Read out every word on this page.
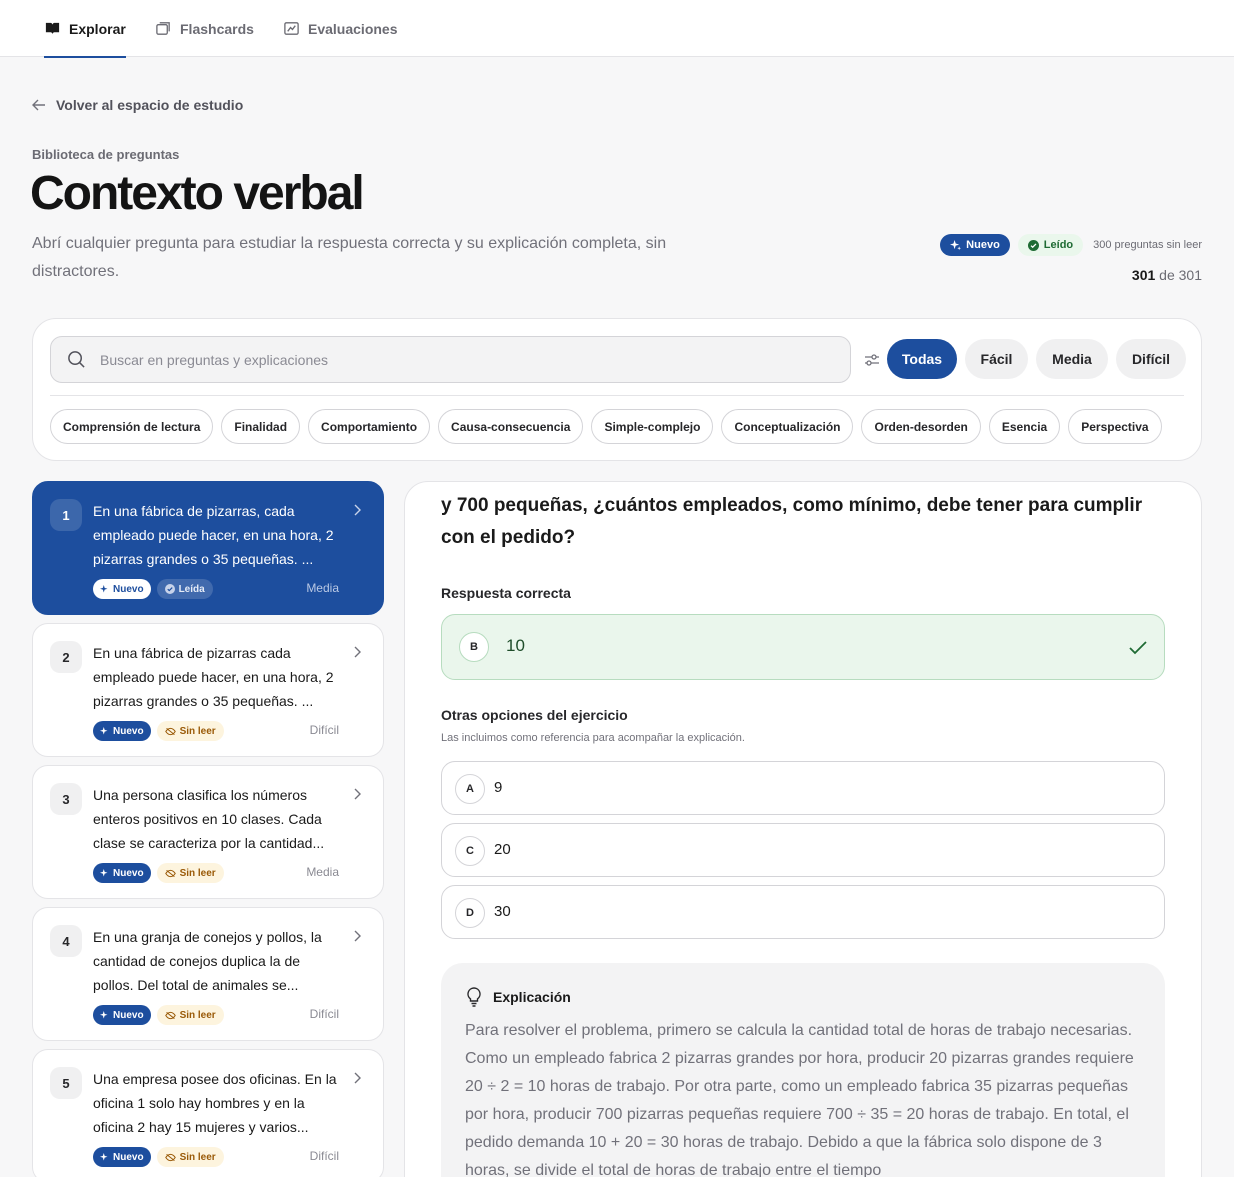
Explorar	Flashcards	Evaluaciones
Volver al espacio de estudio
Biblioteca de preguntas
Contexto verbal
Abrí cualquier pregunta para estudiar la respuesta correcta y su explicación completa, sin distractores.
Nuevo	Leído 300 preguntas sin leer
301 de 301
Buscar en preguntas y explicaciones
Todas	Fácil	Media	Difícil
Comprensión de lectura	Finalidad	Comportamiento	Causa-consecuencia	Simple-complejo	Conceptualización	Orden-desorden	Esencia	Perspectiva
1	En una fábrica de pizarras, cada empleado puede hacer, en una hora, 2 pizarras grandes o 35 pequeñas. ...
Nuevo	Leída	Media
2	En una fábrica de pizarras cada empleado puede hacer, en una hora, 2 pizarras grandes o 35 pequeñas. ...
Nuevo	Sin leer	Difícil
3	Una persona clasifica los números enteros positivos en 10 clases. Cada clase se caracteriza por la cantidad...
Nuevo	Sin leer	Media
4	En una granja de conejos y pollos, la cantidad de conejos duplica la de pollos. Del total de animales se...
Nuevo	Sin leer	Difícil
5	Una empresa posee dos oficinas. En la oficina 1 solo hay hombres y en la oficina 2 hay 15 mujeres y varios...
Nuevo	Sin leer	Difícil
y 700 pequeñas, ¿cuántos empleados, como mínimo, debe tener para cumplir con el pedido?
Respuesta correcta
B	10
Otras opciones del ejercicio
Las incluimos como referencia para acompañar la explicación.
A	9
C	20
D	30
Explicación
Para resolver el problema, primero se calcula la cantidad total de horas de trabajo necesarias. Como un empleado fabrica 2 pizarras grandes por hora, producir 20 pizarras grandes requiere 20 ÷ 2 = 10 horas de trabajo. Por otra parte, como un empleado fabrica 35 pizarras pequeñas por hora, producir 700 pizarras pequeñas requiere 700 ÷ 35 = 20 horas de trabajo. En total, el pedido demanda 10 + 20 = 30 horas de trabajo. Debido a que la fábrica solo dispone de 3 horas, se divide el total de horas de trabajo entre el tiempo
